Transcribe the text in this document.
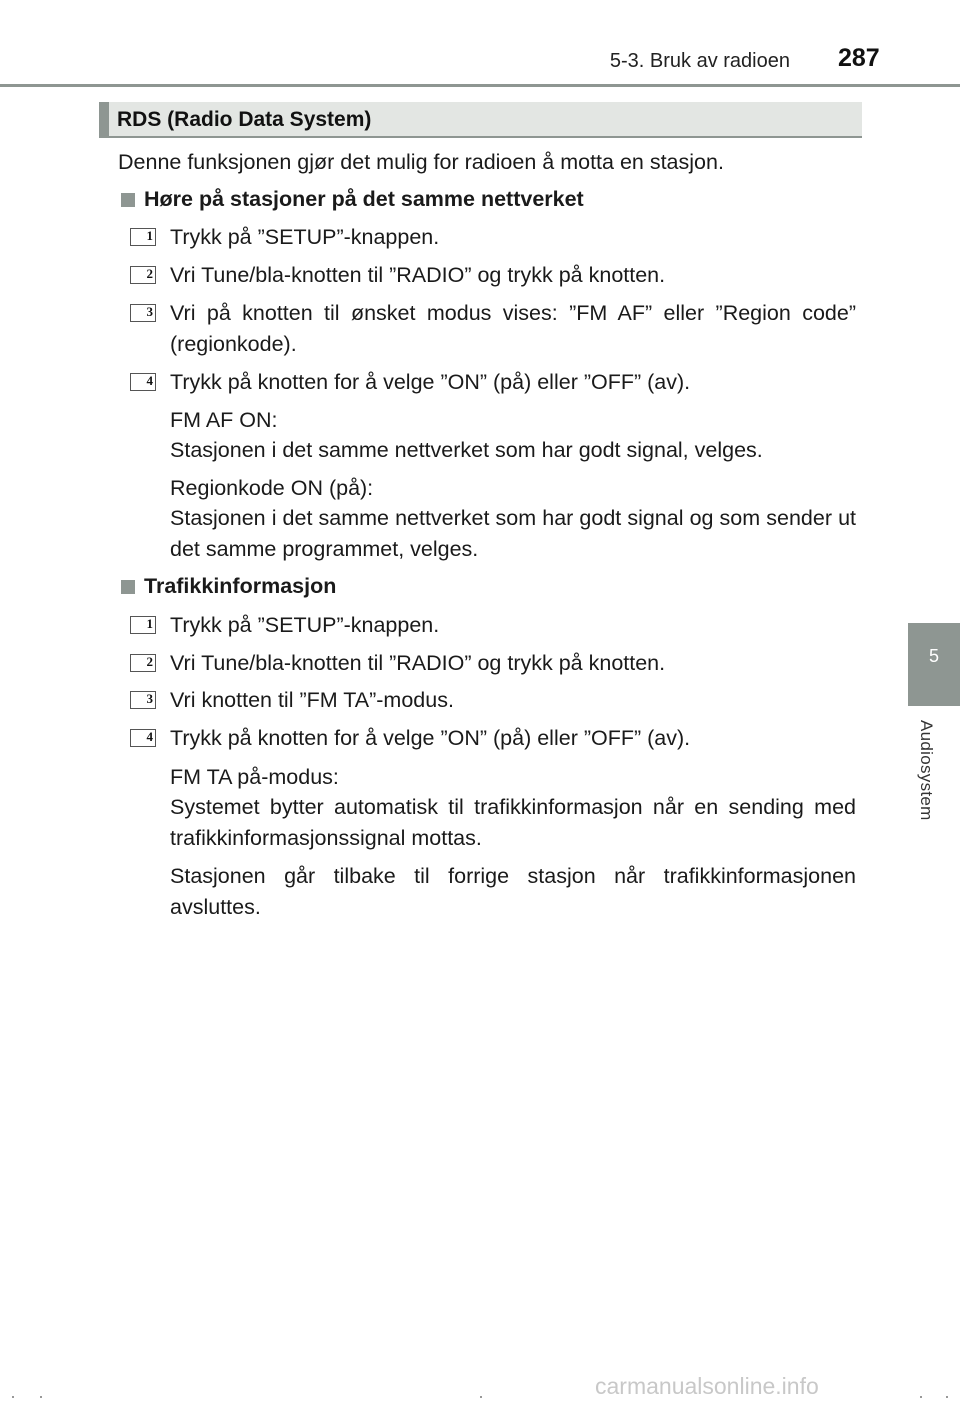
5-3. Bruk av radioen 287
5
Audiosystem
RDS (Radio Data System)
Denne funksjonen gjør det mulig for radioen å motta en stasjon.
Høre på stasjoner på det samme nettverket
1 Trykk på ”SETUP”-knappen.
2 Vri Tune/bla-knotten til ”RADIO” og trykk på knotten.
3 Vri på knotten til ønsket modus vises: ”FM AF” eller ”Region code” (regionkode).
4 Trykk på knotten for å velge ”ON” (på) eller ”OFF” (av).
FM AF ON:
Stasjonen i det samme nettverket som har godt signal, velges.
Regionkode ON (på):
Stasjonen i det samme nettverket som har godt signal og som sender ut det samme programmet, velges.
Trafikkinformasjon
1 Trykk på ”SETUP”-knappen.
2 Vri Tune/bla-knotten til ”RADIO” og trykk på knotten.
3 Vri knotten til ”FM TA”-modus.
4 Trykk på knotten for å velge ”ON” (på) eller ”OFF” (av).
FM TA på-modus:
Systemet bytter automatisk til trafikkinformasjon når en sending med trafikkinformasjonssignal mottas.
Stasjonen går tilbake til forrige stasjon når trafikkinformasjonen avsluttes.
carmanualsonline.info
